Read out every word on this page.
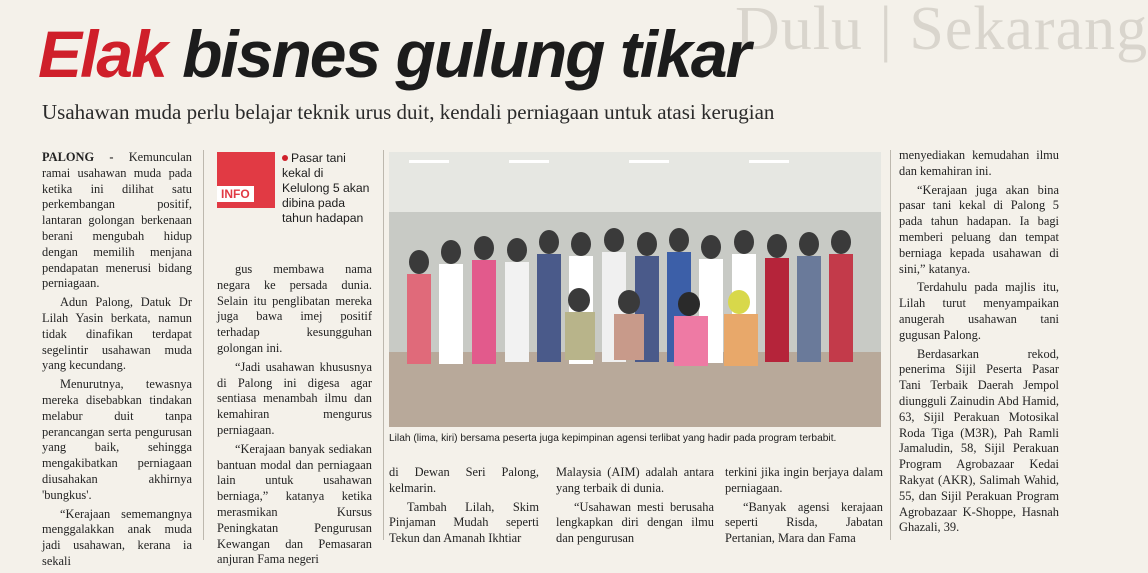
Dulu | Sekarang
Elak bisnes gulung tikar
Usahawan muda perlu belajar teknik urus duit, kendali perniagaan untuk atasi kerugian

PALONG - Kemunculan ramai usahawan muda pada ketika ini dilihat satu perkembangan positif, lantaran golongan berkenaan berani mengubah hidup dengan memilih menjana pendapatan menerusi bidang perniagaan.

Adun Palong, Datuk Dr Lilah Yasin berkata, namun tidak dinafikan terdapat segelintir usahawan muda yang kecundang.

Menurutnya, tewasnya mereka disebabkan tindakan melabur duit tanpa perancangan serta pengurusan yang baik, sehingga mengakibatkan perniagaan diusahakan akhirnya 'bungkus'.

“Kerajaan sememangnya menggalakkan anak muda jadi usahawan, kerana ia sekali

INFO
Pasar tani kekal di Kelulong 5 akan dibina pada tahun hadapan

gus membawa nama negara ke persada dunia. Selain itu penglibatan mereka juga bawa imej positif terhadap kesungguhan golongan ini.

“Jadi usahawan khususnya di Palong ini digesa agar sentiasa menambah ilmu dan kemahiran mengurus perniagaan.

“Kerajaan banyak sediakan bantuan modal dan perniagaan lain untuk usahawan berniaga,” katanya ketika merasmikan Kursus Peningkatan Pengurusan Kewangan dan Pemasaran anjuran Fama negeri

Lilah (lima, kiri) bersama peserta juga kepimpinan agensi terlibat yang hadir pada program terbabit.

di Dewan Seri Palong, kelmarin.

Tambah Lilah, Skim Pinjaman Mudah seperti Tekun dan Amanah Ikhtiar

Malaysia (AIM) adalah antara yang terbaik di dunia.

“Usahawan mesti berusaha lengkapkan diri dengan ilmu dan pengurusan

terkini jika ingin berjaya dalam perniagaan.

“Banyak agensi kerajaan seperti Risda, Jabatan Pertanian, Mara dan Fama

menyediakan kemudahan ilmu dan kemahiran ini.

“Kerajaan juga akan bina pasar tani kekal di Palong 5 pada tahun hadapan. Ia bagi memberi peluang dan tempat berniaga kepada usahawan di sini,” katanya.

Terdahulu pada majlis itu, Lilah turut menyampaikan anugerah usahawan tani gugusan Palong.

Berdasarkan rekod, penerima Sijil Peserta Pasar Tani Terbaik Daerah Jempol diungguli Zainudin Abd Hamid, 63, Sijil Perakuan Motosikal Roda Tiga (M3R), Pah Ramli Jamaludin, 58, Sijil Perakuan Program Agrobazaar Kedai Rakyat (AKR), Salimah Wahid, 55, dan Sijil Perakuan Program Agrobazaar K-Shoppe, Hasnah Ghazali, 39.
